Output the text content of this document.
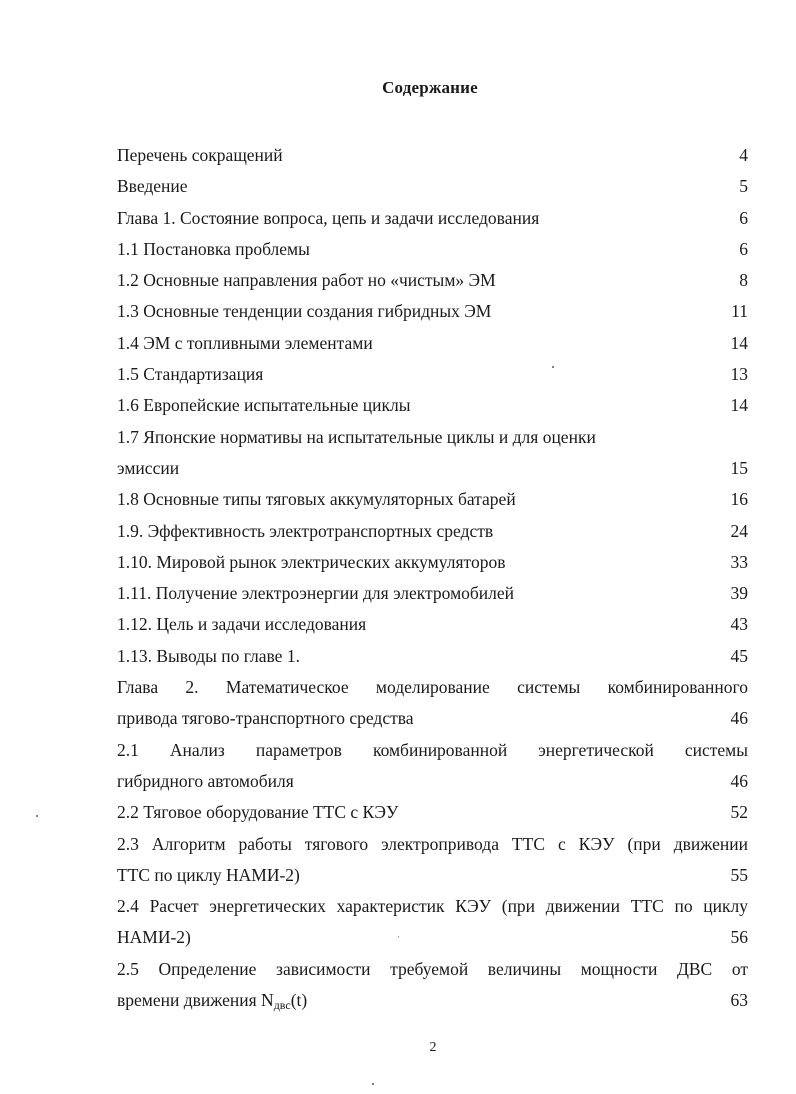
Содержание
Перечень сокращений	4
Введение	5
Глава 1. Состояние вопроса, цепь и задачи исследования	6
1.1 Постановка проблемы	6
1.2 Основные направления работ но «чистым» ЭМ	8
1.3 Основные тенденции создания гибридных ЭМ	11
1.4 ЭМ с топливными элементами	14
1.5 Стандартизация	13
1.6 Европейские испытательные циклы	14
1.7 Японские нормативы на испытательные циклы и для оценки
эмиссии	15
1.8 Основные типы тяговых аккумуляторных батарей	16
1.9. Эффективность электротранспортных средств	24
1.10. Мировой рынок электрических аккумуляторов	33
1.11. Получение электроэнергии для электромобилей	39
1.12. Цель и задачи исследования	43
1.13. Выводы по главе 1.	45
Глава 2. Математическое моделирование системы комбинированного
привода тягово-транспортного средства	46
2.1 Анализ параметров комбинированной энергетической системы
гибридного автомобиля	46
2.2 Тяговое оборудование ТТС с КЭУ	52
2.3 Алгоритм работы тягового электропривода ТТС с КЭУ (при движении
ТТС по циклу НАМИ-2)	55
2.4 Расчет энергетических характеристик КЭУ (при движении ТТС по циклу
НАМИ-2)	56
2.5 Определение зависимости требуемой величины мощности ДВС от
времени движения $N_{двс}(t)$	63
2
